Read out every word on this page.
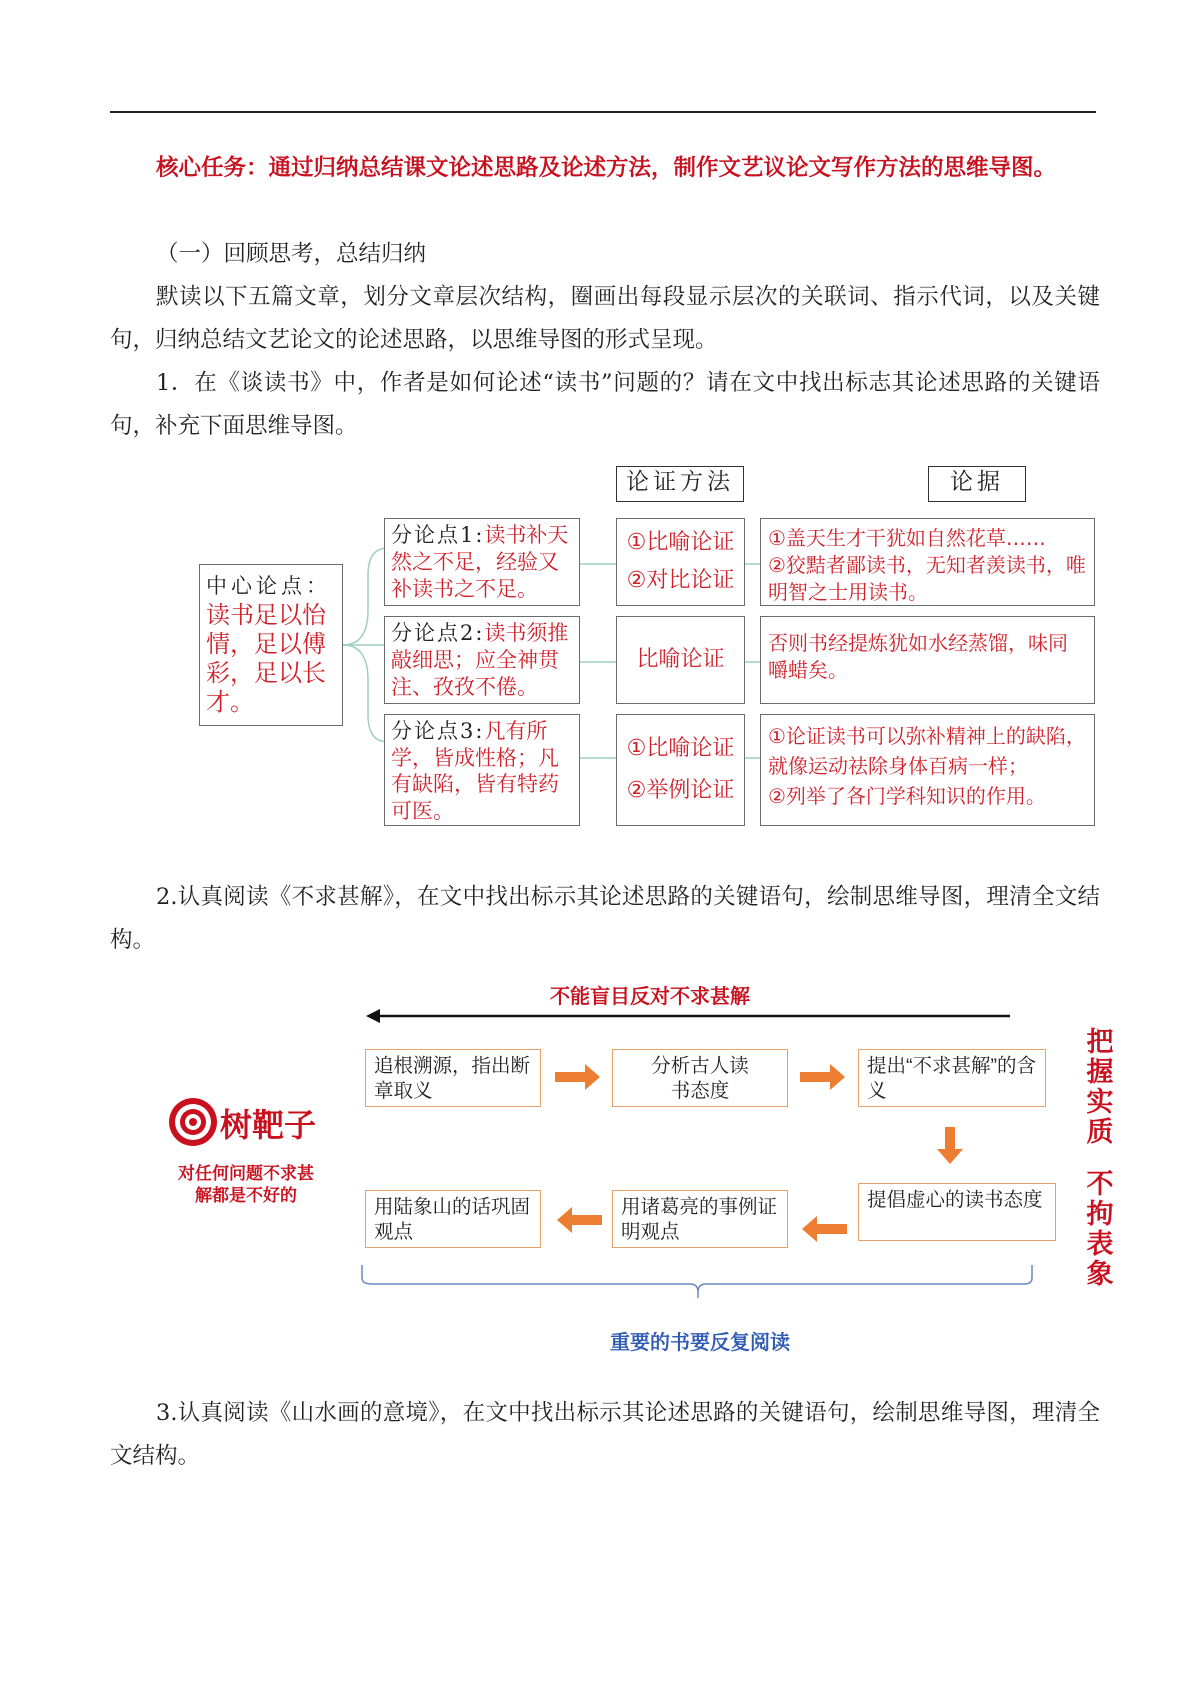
核心任务：通过归纳总结课文论述思路及论述方法，制作文艺议论文写作方法的思维导图。
（一）回顾思考，总结归纳
默读以下五篇文章，划分文章层次结构，圈画出每段显示层次的关联词、指示代词，以及关键句，归纳总结文艺论文的论述思路，以思维导图的形式呈现。
1．在《谈读书》中，作者是如何论述“读书”问题的？请在文中找出标志其论述思路的关键语句，补充下面思维导图。
论证方法	论据
中心论点：
读书足以怡情，足以傅彩，足以长才。
分论点1:读书补天然之不足，经验又补读书之不足。
①比喻论证
②对比论证
①盖天生才干犹如自然花草……
②狡黠者鄙读书，无知者羡读书，唯明智之士用读书。
分论点2:读书须推敲细思；应全神贯注、孜孜不倦。
比喻论证
否则书经提炼犹如水经蒸馏，味同嚼蜡矣。
分论点3:凡有所学，皆成性格；凡有缺陷，皆有特药可医。
①比喻论证
②举例论证
①论证读书可以弥补精神上的缺陷，就像运动祛除身体百病一样；
②列举了各门学科知识的作用。
2.认真阅读《不求甚解》，在文中找出标示其论述思路的关键语句，绘制思维导图，理清全文结构。
不能盲目反对不求甚解
树靶子
对任何问题不求甚解都是不好的
追根溯源，指出断章取义
分析古人读书态度
提出“不求甚解”的含义
提倡虚心的读书态度
用诸葛亮的事例证明观点
用陆象山的话巩固观点
把握实质
不拘表象
重要的书要反复阅读
3.认真阅读《山水画的意境》，在文中找出标示其论述思路的关键语句，绘制思维导图，理清全文结构。
